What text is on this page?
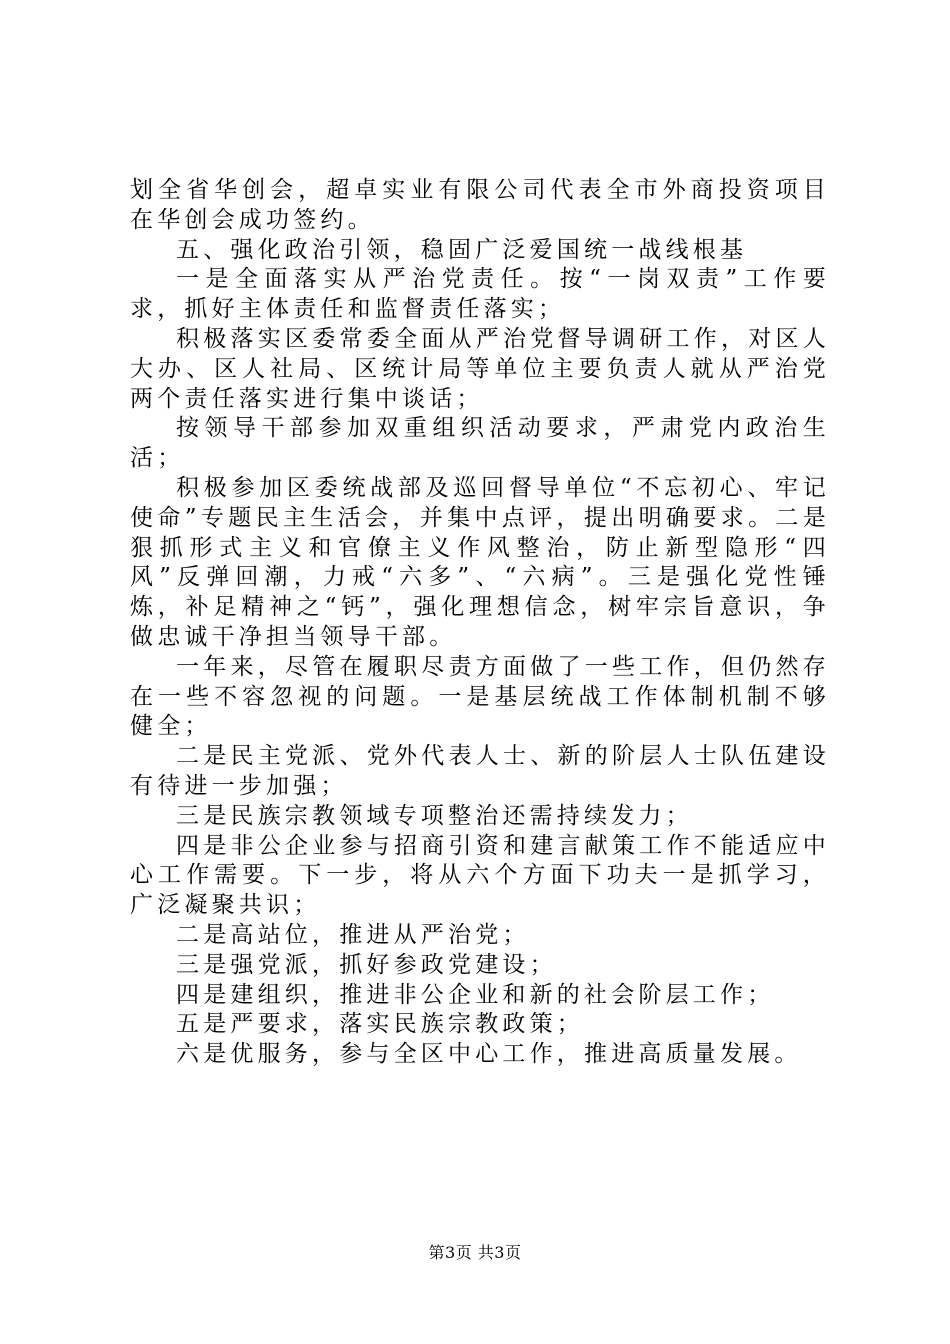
划全省华创会，超卓实业有限公司代表全市外商投资项目在华创会成功签约。

五、强化政治引领，稳固广泛爱国统一战线根基

一是全面落实从严治党责任。按“一岗双责”工作要求，抓好主体责任和监督责任落实；

积极落实区委常委全面从严治党督导调研工作，对区人大办、区人社局、区统计局等单位主要负责人就从严治党两个责任落实进行集中谈话；

按领导干部参加双重组织活动要求，严肃党内政治生活；

积极参加区委统战部及巡回督导单位“不忘初心、牢记使命”专题民主生活会，并集中点评，提出明确要求。二是狠抓形式主义和官僚主义作风整治，防止新型隐形“四风”反弹回潮，力戒“六多”、“六病”。三是强化党性锤炼，补足精神之“钙”，强化理想信念，树牢宗旨意识，争做忠诚干净担当领导干部。

一年来，尽管在履职尽责方面做了一些工作，但仍然存在一些不容忽视的问题。一是基层统战工作体制机制不够健全；

二是民主党派、党外代表人士、新的阶层人士队伍建设有待进一步加强；

三是民族宗教领域专项整治还需持续发力；

四是非公企业参与招商引资和建言献策工作不能适应中心工作需要。下一步，将从六个方面下功夫一是抓学习，广泛凝聚共识；

二是高站位，推进从严治党；

三是强党派，抓好参政党建设；

四是建组织，推进非公企业和新的社会阶层工作；

五是严要求，落实民族宗教政策；

六是优服务，参与全区中心工作，推进高质量发展。

第3页 共3页
